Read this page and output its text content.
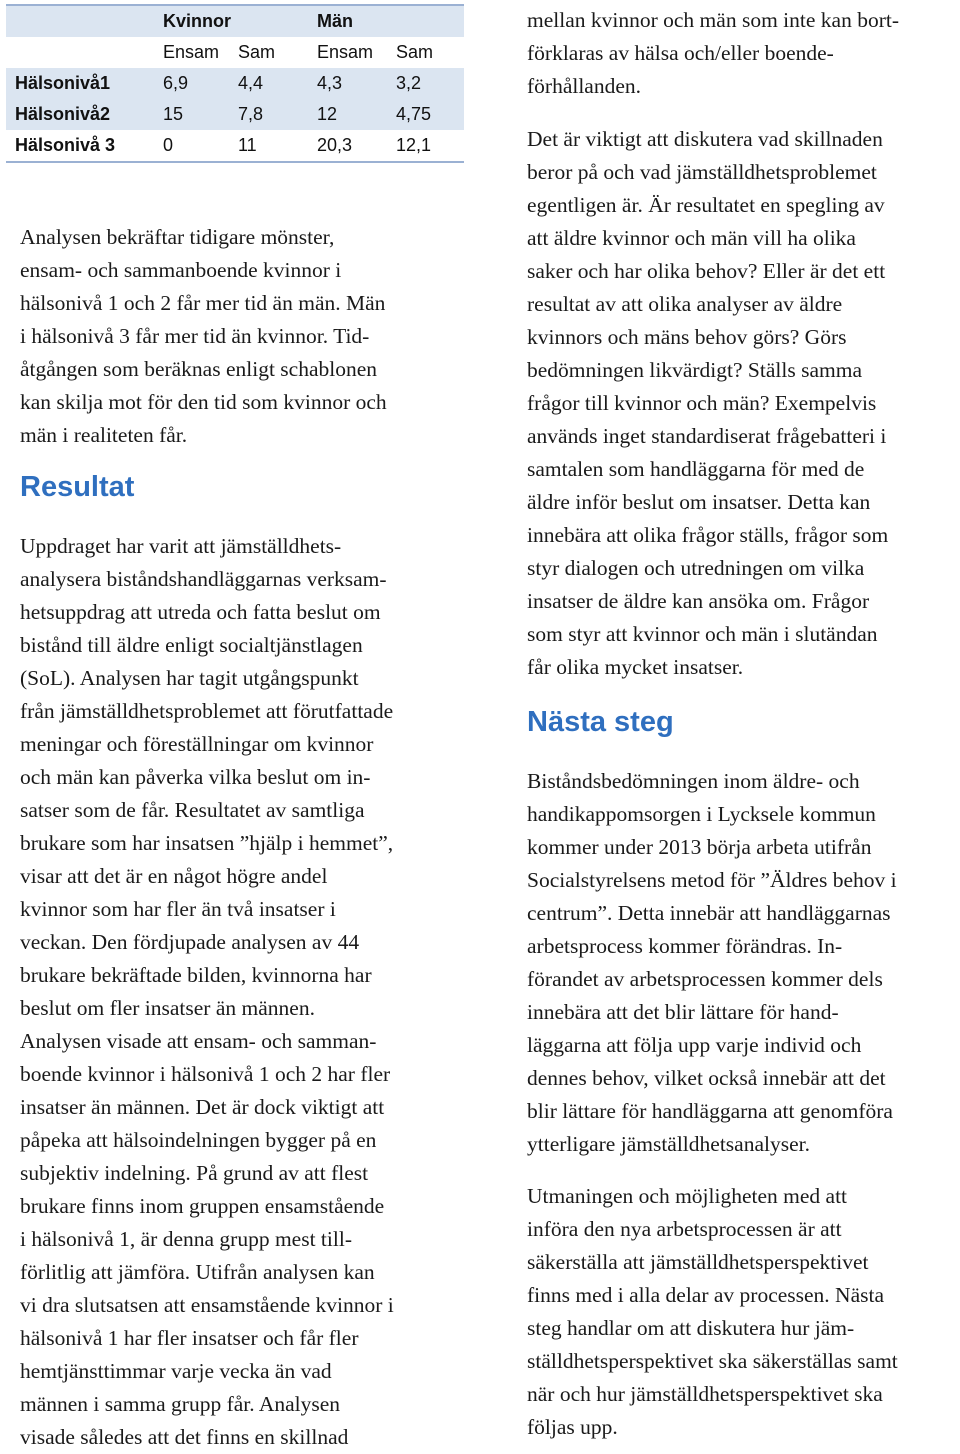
	Kvinnor		Män	
	Ensam	Sam	Ensam	Sam
Hälsonivå1	6,9	4,4	4,3	3,2
Hälsonivå2	15	7,8	12	4,75
Hälsonivå 3	0	11	20,3	12,1

Analysen bekräftar tidigare mönster,
ensam- och sammanboende kvinnor i
hälsonivå 1 och 2 får mer tid än män. Män
i hälsonivå 3 får mer tid än kvinnor. Tid-
åtgången som beräknas enligt schablonen
kan skilja mot för den tid som kvinnor och
män i realiteten får.

Resultat

Uppdraget har varit att jämställdhets-
analysera biståndshandläggarnas verksam-
hetsuppdrag att utreda och fatta beslut om
bistånd till äldre enligt socialtjänstlagen
(SoL). Analysen har tagit utgångspunkt
från jämställdhetsproblemet att förutfattade
meningar och föreställningar om kvinnor
och män kan påverka vilka beslut om in-
satser som de får. Resultatet av samtliga
brukare som har insatsen ”hjälp i hemmet”,
visar att det är en något högre andel
kvinnor som har fler än två insatser i
veckan. Den fördjupade analysen av 44
brukare bekräftade bilden, kvinnorna har
beslut om fler insatser än männen.
Analysen visade att ensam- och samman-
boende kvinnor i hälsonivå 1 och 2 har fler
insatser än männen. Det är dock viktigt att
påpeka att hälsoindelningen bygger på en
subjektiv indelning. På grund av att flest
brukare finns inom gruppen ensamstående
i hälsonivå 1, är denna grupp mest till-
förlitlig att jämföra. Utifrån analysen kan
vi dra slutsatsen att ensamstående kvinnor i
hälsonivå 1 har fler insatser och får fler
hemtjänsttimmar varje vecka än vad
männen i samma grupp får. Analysen
visade således att det finns en skillnad

mellan kvinnor och män som inte kan bort-
förklaras av hälsa och/eller boende-
förhållanden.

Det är viktigt att diskutera vad skillnaden
beror på och vad jämställdhetsproblemet
egentligen är. Är resultatet en spegling av
att äldre kvinnor och män vill ha olika
saker och har olika behov? Eller är det ett
resultat av att olika analyser av äldre
kvinnors och mäns behov görs? Görs
bedömningen likvärdigt? Ställs samma
frågor till kvinnor och män? Exempelvis
används inget standardiserat frågebatteri i
samtalen som handläggarna för med de
äldre inför beslut om insatser. Detta kan
innebära att olika frågor ställs, frågor som
styr dialogen och utredningen om vilka
insatser de äldre kan ansöka om. Frågor
som styr att kvinnor och män i slutändan
får olika mycket insatser.

Nästa steg

Biståndsbedömningen inom äldre- och
handikappomsorgen i Lycksele kommun
kommer under 2013 börja arbeta utifrån
Socialstyrelsens metod för ”Äldres behov i
centrum”. Detta innebär att handläggarnas
arbetsprocess kommer förändras. In-
förandet av arbetsprocessen kommer dels
innebära att det blir lättare för hand-
läggarna att följa upp varje individ och
dennes behov, vilket också innebär att det
blir lättare för handläggarna att genomföra
ytterligare jämställdhetsanalyser.

Utmaningen och möjligheten med att
införa den nya arbetsprocessen är att
säkerställa att jämställdhetsperspektivet
finns med i alla delar av processen. Nästa
steg handlar om att diskutera hur jäm-
ställdhetsperspektivet ska säkerställas samt
när och hur jämställdhetsperspektivet ska
följas upp.
